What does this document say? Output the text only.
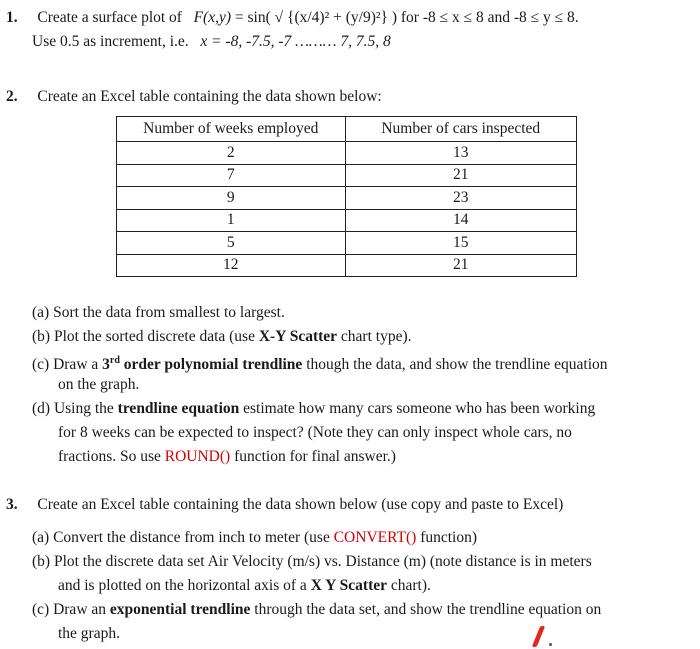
1. Create a surface plot of F(x,y) = sin( √ {(x/4)² + (y/9)²} ) for -8 ≤ x ≤ 8 and -8 ≤ y ≤ 8.
Use 0.5 as increment, i.e. x = -8, -7.5, -7 ……… 7, 7.5, 8
2. Create an Excel table containing the data shown below:
Number of weeks employed	Number of cars inspected
2	13
7	21
9	23
1	14
5	15
12	21
(a) Sort the data from smallest to largest.
(b) Plot the sorted discrete data (use X-Y Scatter chart type).
(c) Draw a 3rd order polynomial trendline though the data, and show the trendline equation
on the graph.
(d) Using the trendline equation estimate how many cars someone who has been working
for 8 weeks can be expected to inspect? (Note they can only inspect whole cars, no
fractions. So use ROUND() function for final answer.)
3. Create an Excel table containing the data shown below (use copy and paste to Excel)
(a) Convert the distance from inch to meter (use CONVERT() function)
(b) Plot the discrete data set Air Velocity (m/s) vs. Distance (m) (note distance is in meters
and is plotted on the horizontal axis of a X Y Scatter chart).
(c) Draw an exponential trendline through the data set, and show the trendline equation on
the graph.
